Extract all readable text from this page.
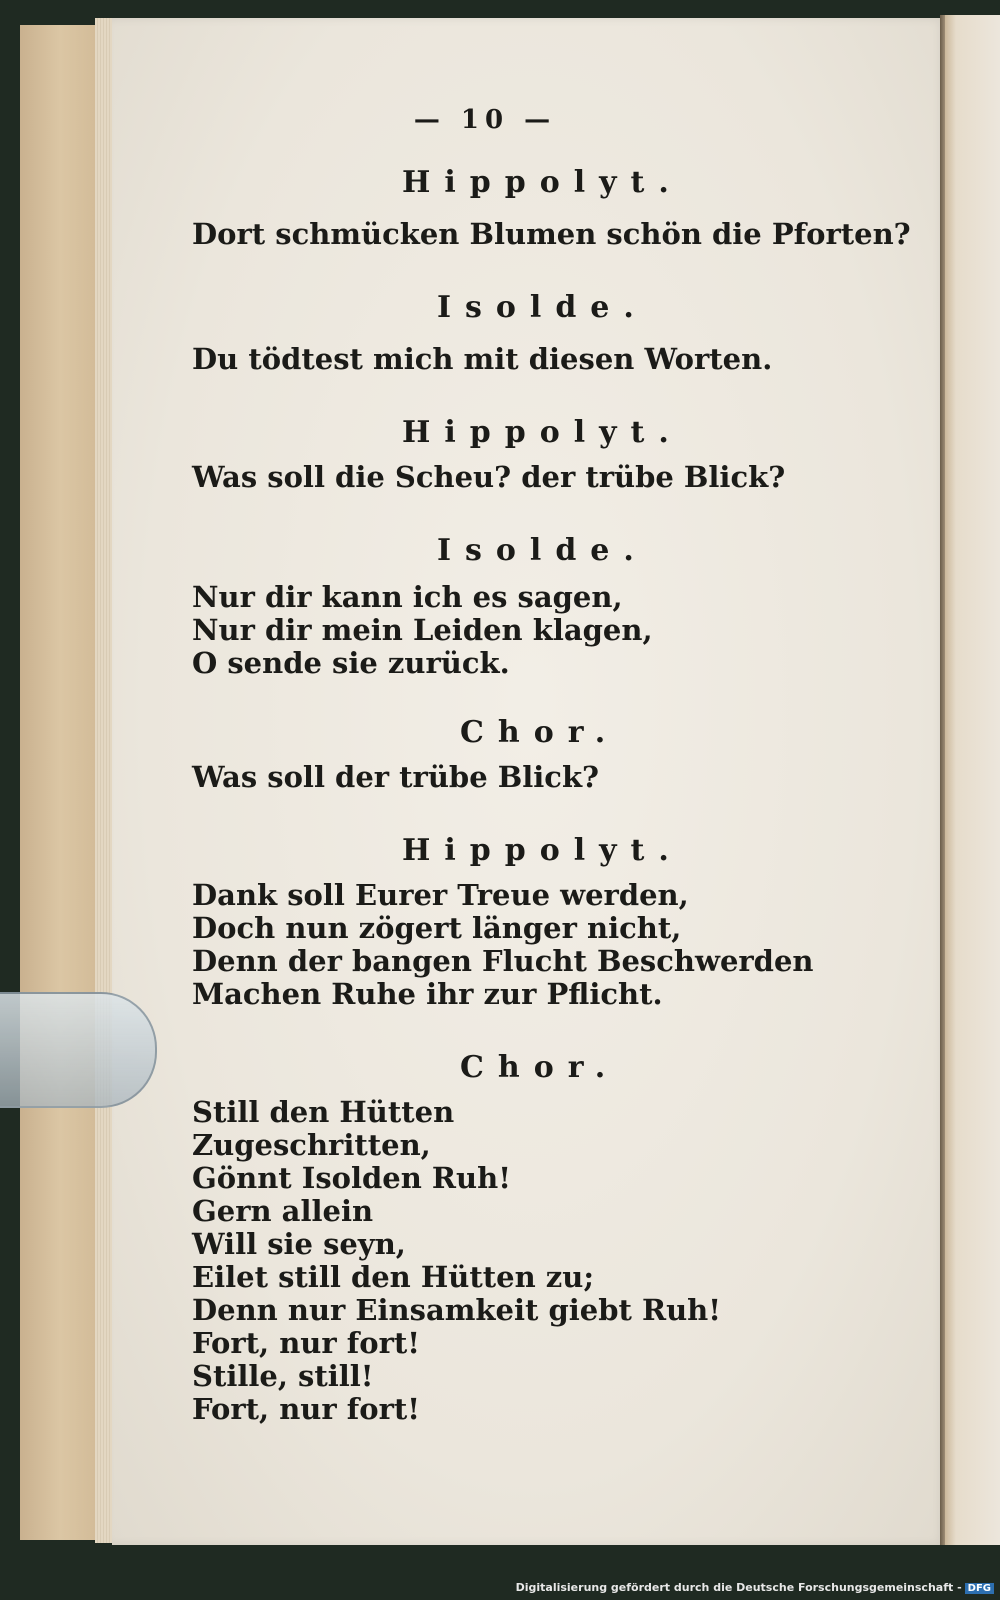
— 10 —
Hippolyt.
Dort schmücken Blumen schön die Pforten?
Isolde.
Du tödtest mich mit diesen Worten.
Hippolyt.
Was soll die Scheu? der trübe Blick?
Isolde.
Nur dir kann ich es sagen,
Nur dir mein Leiden klagen,
O sende sie zurück.
Chor.
Was soll der trübe Blick?
Hippolyt.
Dank soll Eurer Treue werden,
Doch nun zögert länger nicht,
Denn der bangen Flucht Beschwerden
Machen Ruhe ihr zur Pflicht.
Chor.
Still den Hütten
Zugeschritten,
Gönnt Isolden Ruh!
Gern allein
Will sie seyn,
Eilet still den Hütten zu;
Denn nur Einsamkeit giebt Ruh!
Fort, nur fort!
Stille, still!
Fort, nur fort!
Digitalisierung gefördert durch die Deutsche Forschungsgemeinschaft - DFG
